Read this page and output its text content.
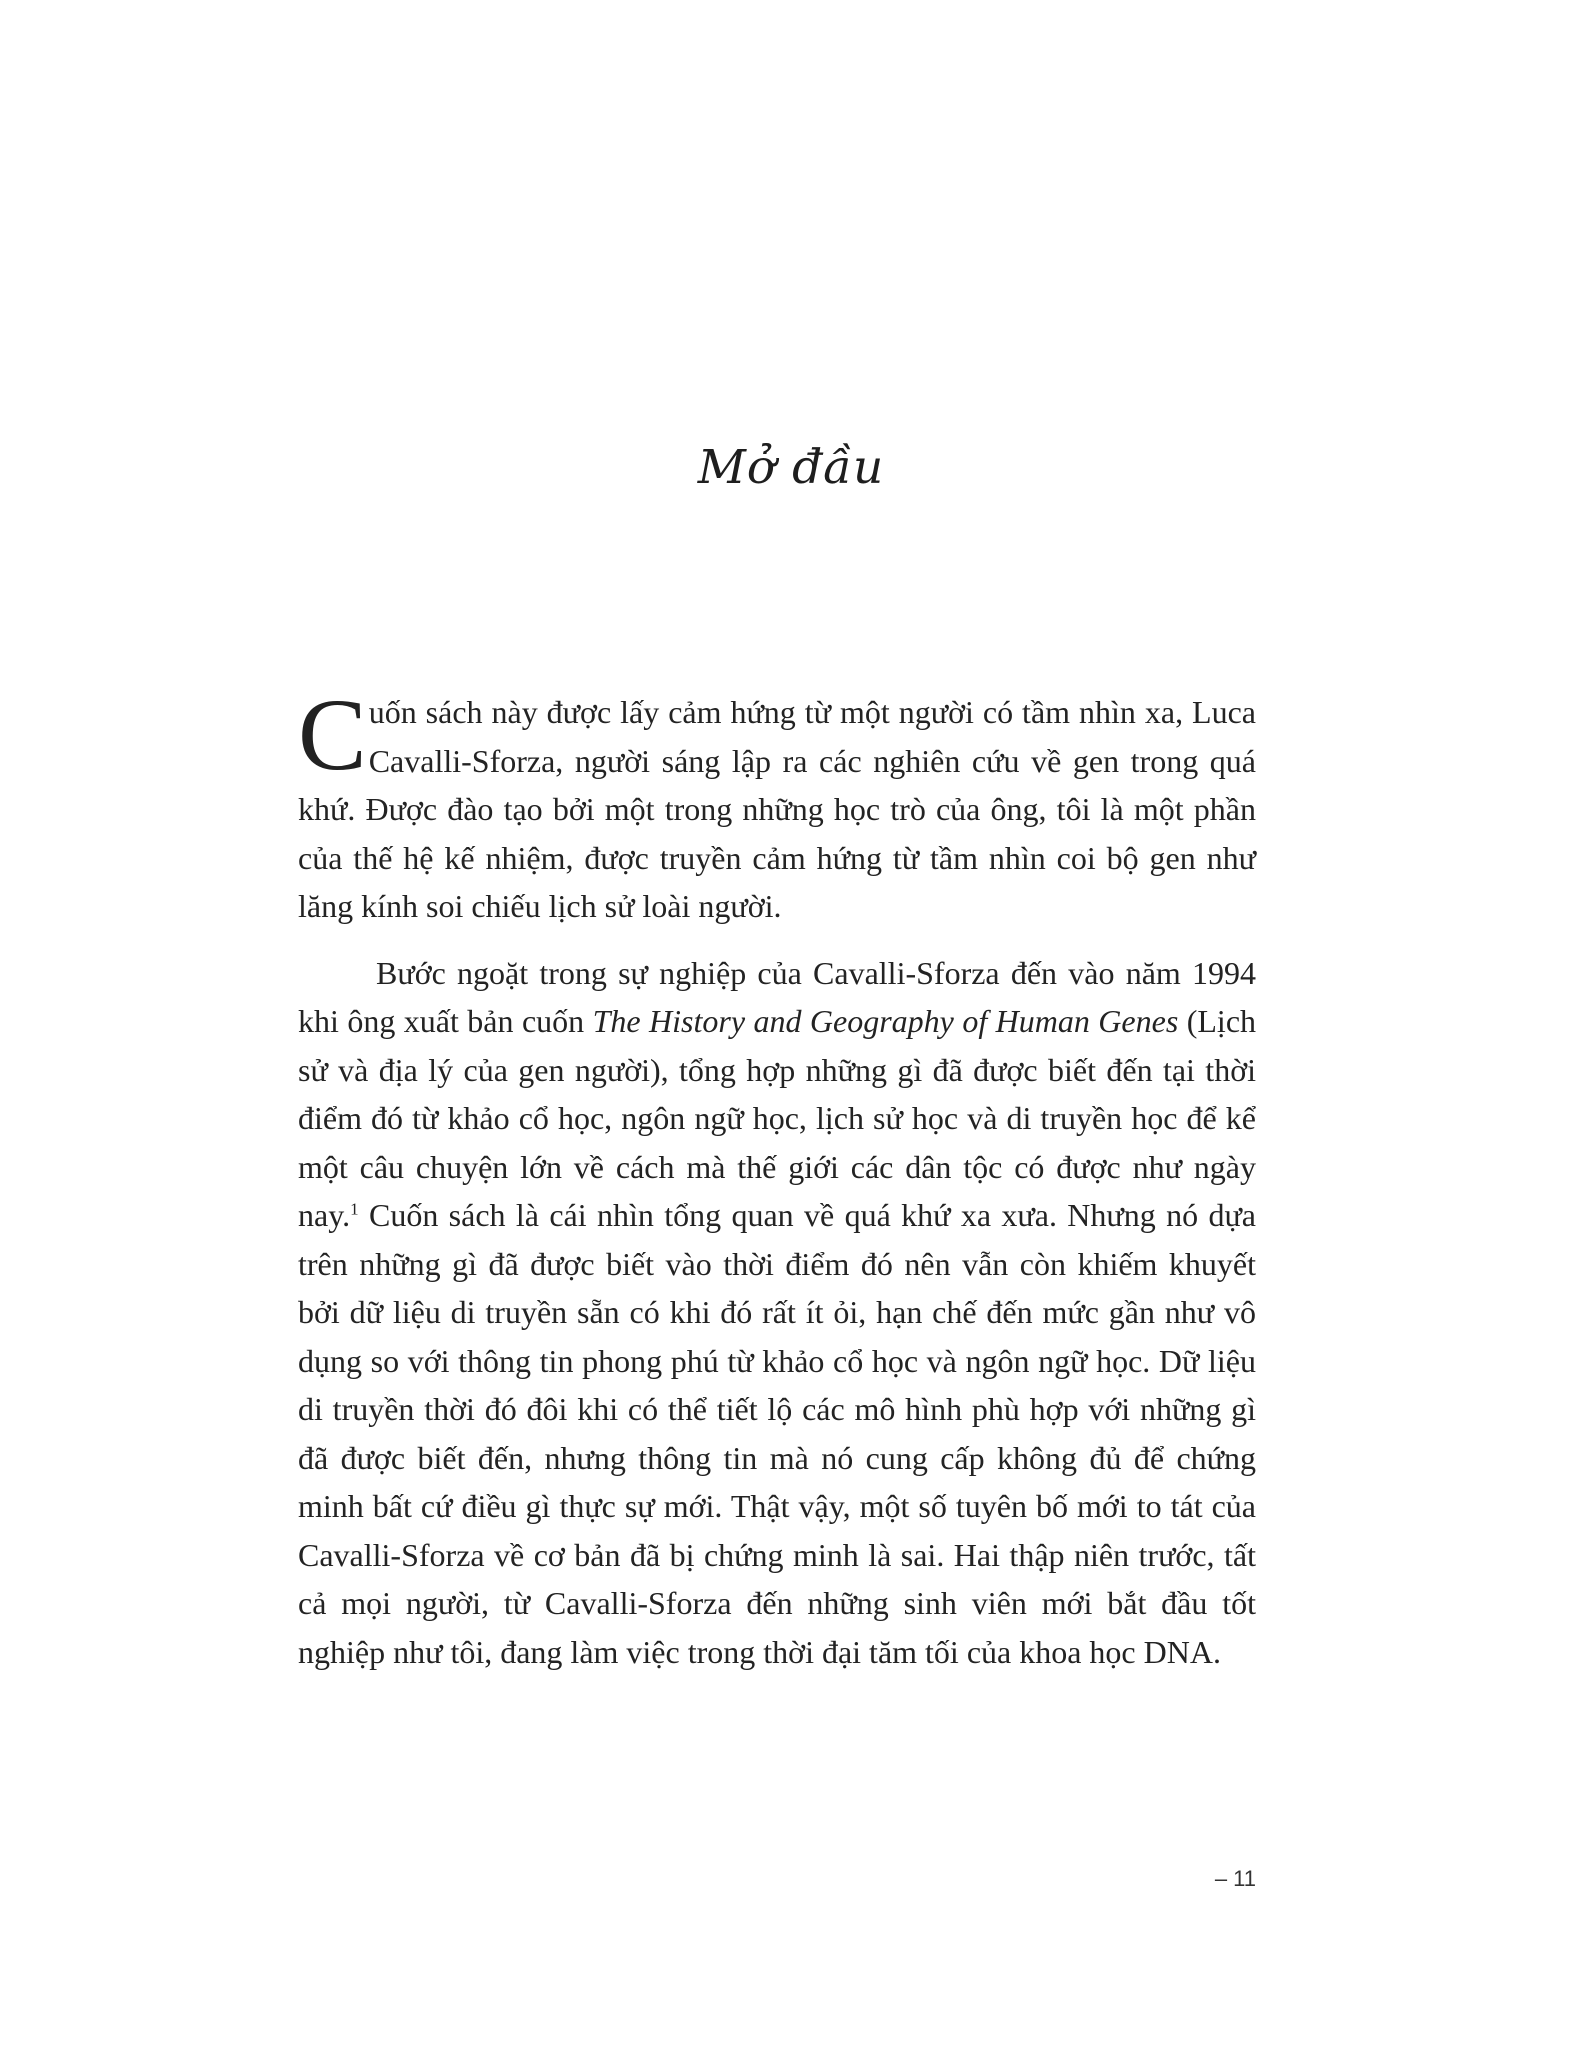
Mở đầu

Cuốn sách này được lấy cảm hứng từ một người có tầm nhìn xa, Luca Cavalli-Sforza, người sáng lập ra các nghiên cứu về gen trong quá khứ. Được đào tạo bởi một trong những học trò của ông, tôi là một phần của thế hệ kế nhiệm, được truyền cảm hứng từ tầm nhìn coi bộ gen như lăng kính soi chiếu lịch sử loài người.

Bước ngoặt trong sự nghiệp của Cavalli-Sforza đến vào năm 1994 khi ông xuất bản cuốn The History and Geography of Human Genes (Lịch sử và địa lý của gen người), tổng hợp những gì đã được biết đến tại thời điểm đó từ khảo cổ học, ngôn ngữ học, lịch sử học và di truyền học để kể một câu chuyện lớn về cách mà thế giới các dân tộc có được như ngày nay.$^1$ Cuốn sách là cái nhìn tổng quan về quá khứ xa xưa. Nhưng nó dựa trên những gì đã được biết vào thời điểm đó nên vẫn còn khiếm khuyết bởi dữ liệu di truyền sẵn có khi đó rất ít ỏi, hạn chế đến mức gần như vô dụng so với thông tin phong phú từ khảo cổ học và ngôn ngữ học. Dữ liệu di truyền thời đó đôi khi có thể tiết lộ các mô hình phù hợp với những gì đã được biết đến, nhưng thông tin mà nó cung cấp không đủ để chứng minh bất cứ điều gì thực sự mới. Thật vậy, một số tuyên bố mới to tát của Cavalli-Sforza về cơ bản đã bị chứng minh là sai. Hai thập niên trước, tất cả mọi người, từ Cavalli-Sforza đến những sinh viên mới bắt đầu tốt nghiệp như tôi, đang làm việc trong thời đại tăm tối của khoa học DNA.

– 11
